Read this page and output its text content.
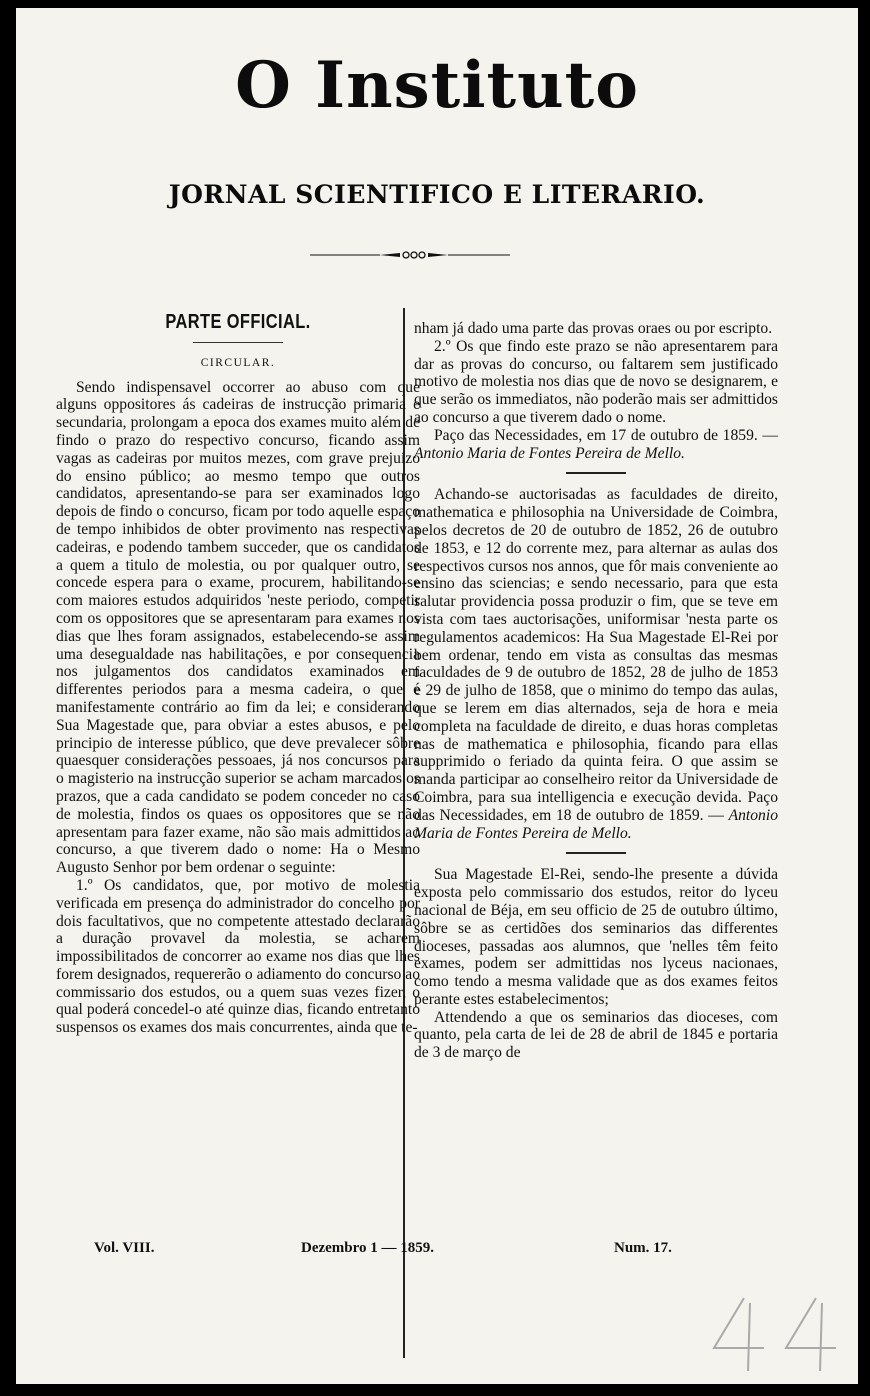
O Instituto
JORNAL SCIENTIFICO E LITERARIO.
PARTE OFFICIAL.
CIRCULAR.

Sendo indispensavel occorrer ao abuso com que alguns oppositores ás cadeiras de instrucção primaria e secundaria, prolongam a epoca dos exames muito além de findo o prazo do respectivo concurso, ficando assim vagas as cadeiras por muitos mezes, com grave prejuizo do ensino público; ao mesmo tempo que outros candidatos, apresentando-se para ser examinados logo depois de findo o concurso, ficam por todo aquelle espaço de tempo inhibidos de obter provimento nas respectivas cadeiras, e podendo tambem succeder, que os candidatos a quem a titulo de molestia, ou por qualquer outro, se concede espera para o exame, procurem, habilitando-se com maiores estudos adquiridos 'neste periodo, competir com os oppositores que se apresentaram para exames nos dias que lhes foram assignados, estabelecendo-se assim uma desegualdade nas habilitações, e por consequencia nos julgamentos dos candidatos examinados em differentes periodos para a mesma cadeira, o que é manifestamente contrário ao fim da lei; e considerando Sua Magestade que, para obviar a estes abusos, e pelo principio de interesse público, que deve prevalecer sôbre quaesquer considerações pessoaes, já nos concursos para o magisterio na instrucção superior se acham marcados os prazos, que a cada candidato se podem conceder no caso de molestia, findos os quaes os oppositores que se não apresentam para fazer exame, não são mais admittidos ao concurso, a que tiverem dado o nome: Ha o Mesmo Augusto Senhor por bem ordenar o seguinte:

1.º Os candidatos, que, por motivo de molestia verificada em presença do administrador do concelho por dois facultativos, que no competente attestado declararão a duração provavel da molestia, se acharem impossibilitados de concorrer ao exame nos dias que lhes forem designados, requererão o adiamento do concurso ao commissario dos estudos, ou a quem suas vezes fizer, o qual poderá concedel-o até quinze dias, ficando entretanto suspensos os exames dos mais concurrentes, ainda que te-

nham já dado uma parte das provas oraes ou por escripto.

2.º Os que findo este prazo se não apresentarem para dar as provas do concurso, ou faltarem sem justificado motivo de molestia nos dias que de novo se designarem, e que serão os immediatos, não poderão mais ser admittidos ao concurso a que tiverem dado o nome.

Paço das Necessidades, em 17 de outubro de 1859. — Antonio Maria de Fontes Pereira de Mello.

Achando-se auctorisadas as faculdades de direito, mathematica e philosophia na Universidade de Coimbra, pelos decretos de 20 de outubro de 1852, 26 de outubro de 1853, e 12 do corrente mez, para alternar as aulas dos respectivos cursos nos annos, que fôr mais conveniente ao ensino das sciencias; e sendo necessario, para que esta salutar providencia possa produzir o fim, que se teve em vista com taes auctorisações, uniformisar 'nesta parte os regulamentos academicos: Ha Sua Magestade El-Rei por bem ordenar, tendo em vista as consultas das mesmas faculdades de 9 de outubro de 1852, 28 de julho de 1853 e 29 de julho de 1858, que o minimo do tempo das aulas, que se lerem em dias alternados, seja de hora e meia completa na faculdade de direito, e duas horas completas nas de mathematica e philosophia, ficando para ellas supprimido o feriado da quinta feira. O que assim se manda participar ao conselheiro reitor da Universidade de Coimbra, para sua intelligencia e execução devida. Paço das Necessidades, em 18 de outubro de 1859. — Antonio Maria de Fontes Pereira de Mello.

Sua Magestade El-Rei, sendo-lhe presente a dúvida exposta pelo commissario dos estudos, reitor do lyceu nacional de Béja, em seu officio de 25 de outubro último, sôbre se as certidões dos seminarios das differentes dioceses, passadas aos alumnos, que 'nelles têm feito exames, podem ser admittidas nos lyceus nacionaes, como tendo a mesma validade que as dos exames feitos perante estes estabelecimentos;

Attendendo a que os seminarios das dioceses, com quanto, pela carta de lei de 28 de abril de 1845 e portaria de 3 de março de

Vol. VIII.	Dezembro 1 — 1859.	Num. 17.
